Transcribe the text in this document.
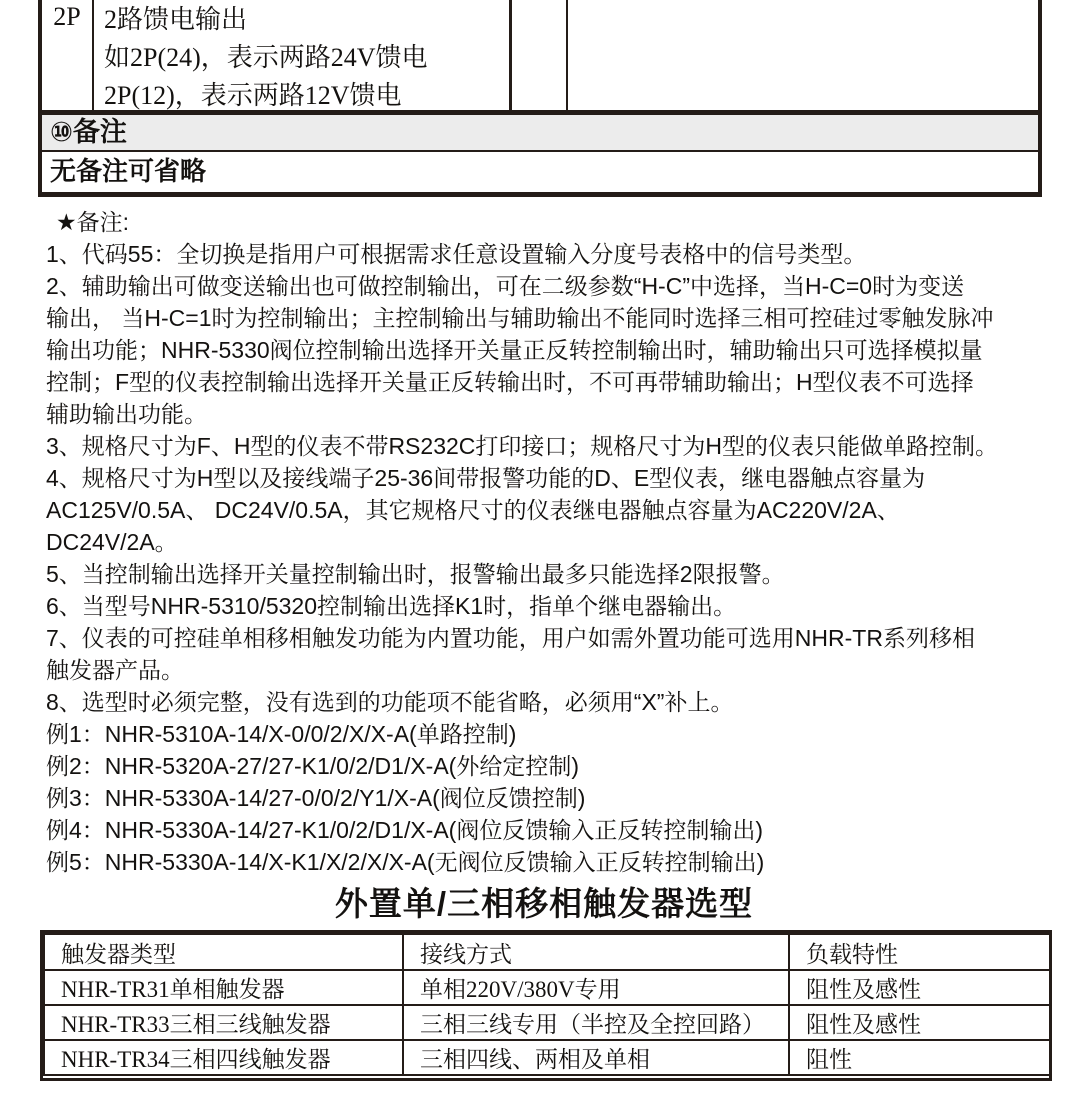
2P 2路馈电输出
如2P(24)，表示两路24V馈电
2P(12)，表示两路12V馈电
⑩备注
无备注可省略
★备注:
1、代码55：全切换是指用户可根据需求任意设置输入分度号表格中的信号类型。
2、辅助输出可做变送输出也可做控制输出，可在二级参数“H-C”中选择，当H-C=0时为变送
输出， 当H-C=1时为控制输出；主控制输出与辅助输出不能同时选择三相可控硅过零触发脉冲
输出功能；NHR-5330阀位控制输出选择开关量正反转控制输出时，辅助输出只可选择模拟量
控制；F型的仪表控制输出选择开关量正反转输出时，不可再带辅助输出；H型仪表不可选择
辅助输出功能。
3、规格尺寸为F、H型的仪表不带RS232C打印接口；规格尺寸为H型的仪表只能做单路控制。
4、规格尺寸为H型以及接线端子25-36间带报警功能的D、E型仪表，继电器触点容量为
AC125V/0.5A、 DC24V/0.5A，其它规格尺寸的仪表继电器触点容量为AC220V/2A、
DC24V/2A。
5、当控制输出选择开关量控制输出时，报警输出最多只能选择2限报警。
6、当型号NHR-5310/5320控制输出选择K1时，指单个继电器输出。
7、仪表的可控硅单相移相触发功能为内置功能，用户如需外置功能可选用NHR-TR系列移相
触发器产品。
8、选型时必须完整，没有选到的功能项不能省略，必须用“X”补上。
例1：NHR-5310A-14/X-0/0/2/X/X-A(单路控制)
例2：NHR-5320A-27/27-K1/0/2/D1/X-A(外给定控制)
例3：NHR-5330A-14/27-0/0/2/Y1/X-A(阀位反馈控制)
例4：NHR-5330A-14/27-K1/0/2/D1/X-A(阀位反馈输入正反转控制输出)
例5：NHR-5330A-14/X-K1/X/2/X/X-A(无阀位反馈输入正反转控制输出)
外置单/三相移相触发器选型
触发器类型	接线方式	负载特性
NHR-TR31单相触发器	单相220V/380V专用	阻性及感性
NHR-TR33三相三线触发器	三相三线专用（半控及全控回路）	阻性及感性
NHR-TR34三相四线触发器	三相四线、两相及单相	阻性
